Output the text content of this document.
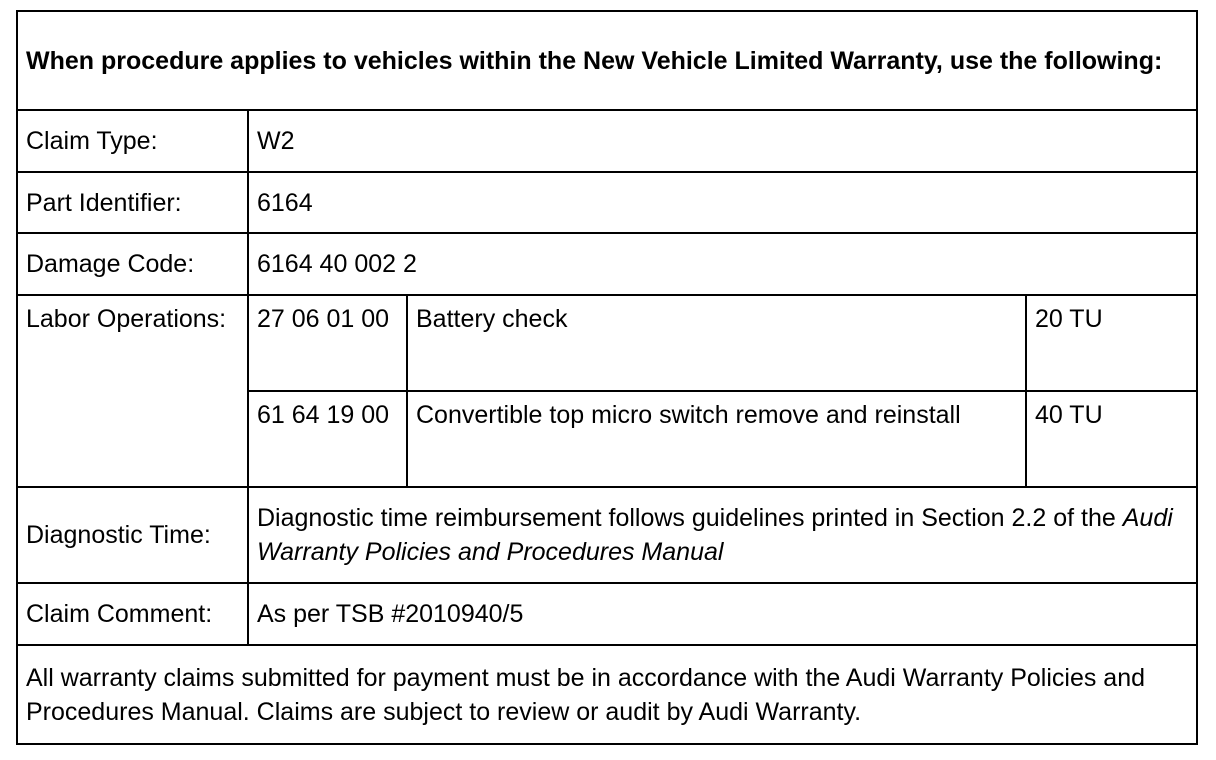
When procedure applies to vehicles within the New Vehicle Limited Warranty, use the following:			
Claim Type:	W2		
Part Identifier:	6164		
Damage Code:	6164 40 002 2		
Labor Operations:	27 06 01 00	Battery check	20 TU
	61 64 19 00	Convertible top micro switch remove and reinstall	40 TU
Diagnostic Time:	Diagnostic time reimbursement follows guidelines printed in Section 2.2 of the Audi Warranty Policies and Procedures Manual		
Claim Comment:	As per TSB #2010940/5		
All warranty claims submitted for payment must be in accordance with the Audi Warranty Policies and Procedures Manual. Claims are subject to review or audit by Audi Warranty.			
